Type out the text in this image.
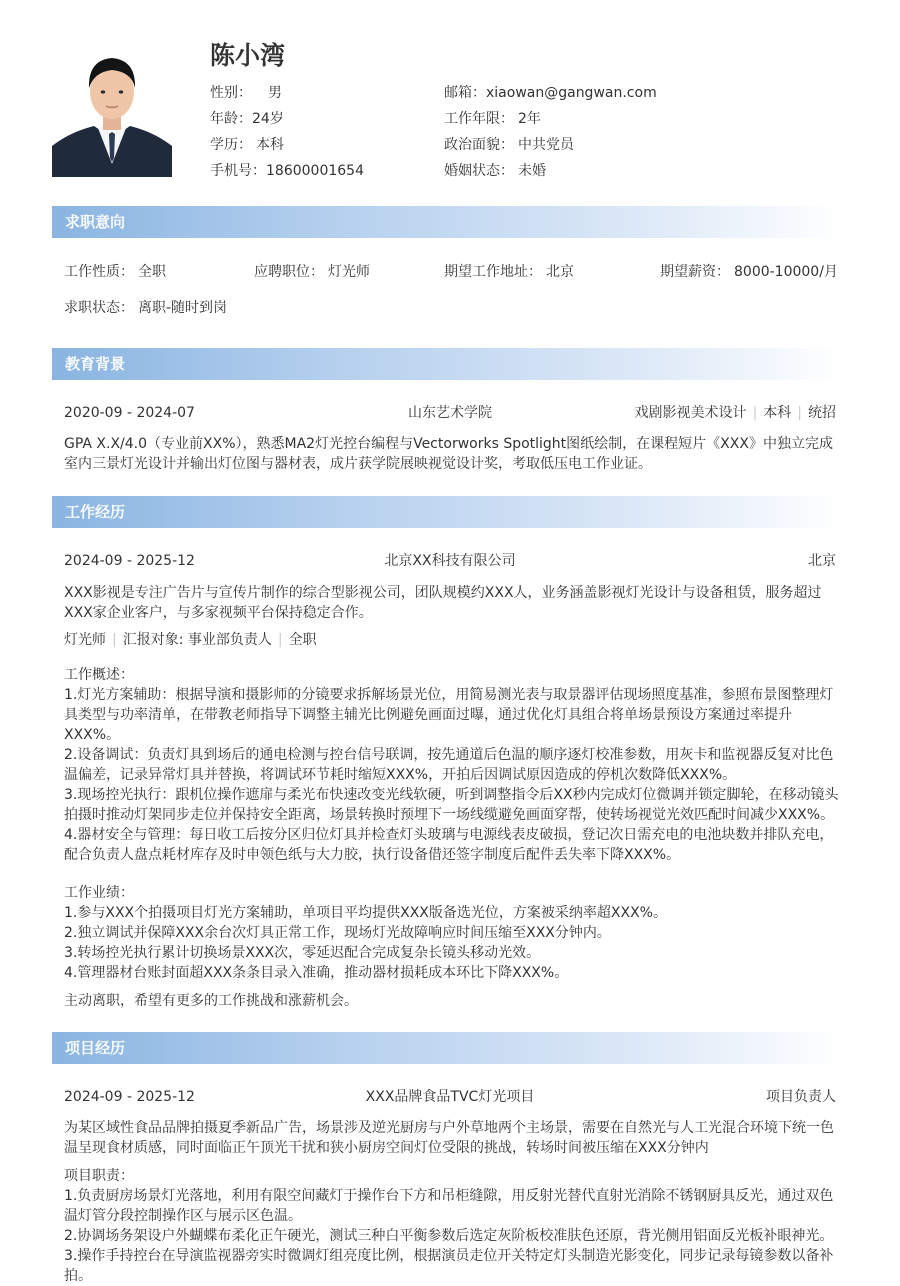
陈小湾
性别： 男	邮箱：xiaowan@gangwan.com
年龄：24岁	工作年限： 2年
学历： 本科	政治面貌： 中共党员
手机号：18600001654	婚姻状态： 未婚
求职意向
工作性质： 全职	应聘职位： 灯光师	期望工作地址： 北京	期望薪资： 8000-10000/月
求职状态： 离职-随时到岗
教育背景
2020-09 - 2024-07	山东艺术学院	戏剧影视美术设计 | 本科 | 统招

GPA X.X/4.0（专业前XX%），熟悉MA2灯光控台编程与Vectorworks Spotlight图纸绘制，在课程短片《XXX》中独立完成室内三景灯光设计并输出灯位图与器材表，成片获学院展映视觉设计奖，考取低压电工作业证。

工作经历
2024-09 - 2025-12	北京XX科技有限公司	北京

XXX影视是专注广告片与宣传片制作的综合型影视公司，团队规模约XXX人，业务涵盖影视灯光设计与设备租赁，服务超过XXX家企业客户，与多家视频平台保持稳定合作。

灯光师 | 汇报对象: 事业部负责人 | 全职

工作概述：

1.灯光方案辅助：根据导演和摄影师的分镜要求拆解场景光位，用简易测光表与取景器评估现场照度基准，参照布景图整理灯具类型与功率清单，在带教老师指导下调整主辅光比例避免画面过曝，通过优化灯具组合将单场景预设方案通过率提升XXX%。

2.设备调试：负责灯具到场后的通电检测与控台信号联调，按先通道后色温的顺序逐灯校准参数，用灰卡和监视器反复对比色温偏差，记录异常灯具并替换，将调试环节耗时缩短XXX%，开拍后因调试原因造成的停机次数降低XXX%。

3.现场控光执行：跟机位操作遮扉与柔光布快速改变光线软硬，听到调整指令后XX秒内完成灯位微调并锁定脚轮，在移动镜头拍摄时推动灯架同步走位并保持安全距离，场景转换时预埋下一场线缆避免画面穿帮，使转场视觉光效匹配时间减少XXX%。

4.器材安全与管理：每日收工后按分区归位灯具并检查灯头玻璃与电源线表皮破损，登记次日需充电的电池块数并排队充电，配合负责人盘点耗材库存及时申领色纸与大力胶，执行设备借还签字制度后配件丢失率下降XXX%。

工作业绩：

1.参与XXX个拍摄项目灯光方案辅助，单项目平均提供XXX版备选光位，方案被采纳率超XXX%。

2.独立调试并保障XXX余台次灯具正常工作，现场灯光故障响应时间压缩至XXX分钟内。

3.转场控光执行累计切换场景XXX次，零延迟配合完成复杂长镜头移动光效。

4.管理器材台账封面超XXX条条目录入准确，推动器材损耗成本环比下降XXX%。

主动离职，希望有更多的工作挑战和涨薪机会。

项目经历
2024-09 - 2025-12	XXX品牌食品TVC灯光项目	项目负责人

为某区域性食品品牌拍摄夏季新品广告，场景涉及逆光厨房与户外草地两个主场景，需要在自然光与人工光混合环境下统一色温呈现食材质感，同时面临正午顶光干扰和狭小厨房空间灯位受限的挑战，转场时间被压缩在XXX分钟内

项目职责：

1.负责厨房场景灯光落地，利用有限空间藏灯于操作台下方和吊柜缝隙，用反射光替代直射光消除不锈钢厨具反光，通过双色温灯管分段控制操作区与展示区色温。

2.协调场务架设户外蝴蝶布柔化正午硬光，测试三种白平衡参数后选定灰阶板校准肤色还原，背光侧用铝面反光板补眼神光。

3.操作手持控台在导演监视器旁实时微调灯组亮度比例，根据演员走位开关特定灯头制造光影变化，同步记录每镜参数以备补拍。
